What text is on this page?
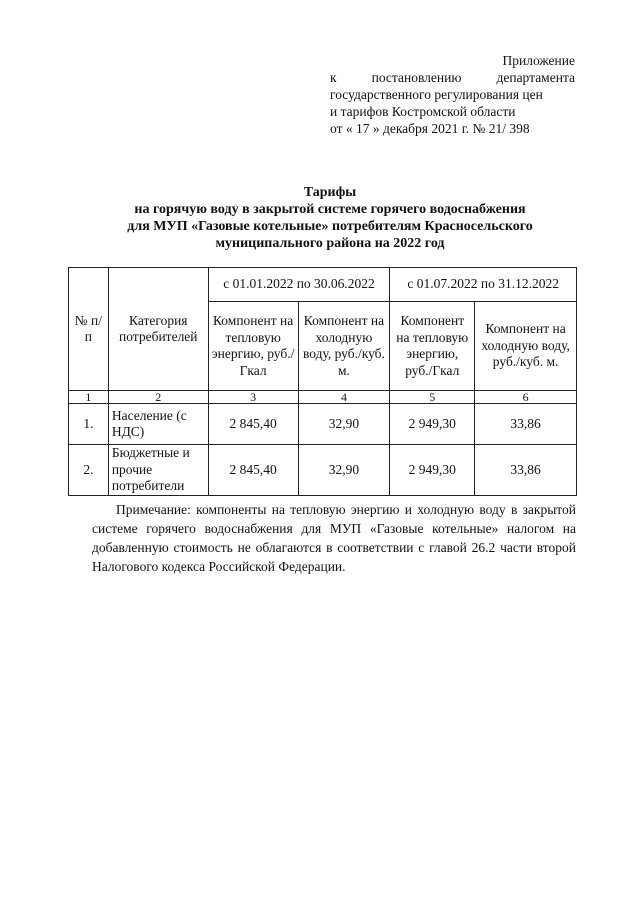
Приложение
к постановлению департамента
государственного регулирования цен
и тарифов Костромской области
от « 17 » декабря 2021 г. № 21/ 398
Тарифы
на горячую воду в закрытой системе горячего водоснабжения
для МУП «Газовые котельные» потребителям Красносельского
муниципального района на 2022 год
№ п/п	Категория потребителей	с 01.01.2022 по 30.06.2022		с 01.07.2022 по 31.12.2022	
		Компонент на тепловую энергию, руб./Гкал	Компонент на холодную воду, руб./куб. м.	Компонент на тепловую энергию, руб./Гкал	Компонент на холодную воду, руб./куб. м.
1	2	3	4	5	6
1.	Население (с НДС)	2 845,40	32,90	2 949,30	33,86
2.	Бюджетные и прочие потребители	2 845,40	32,90	2 949,30	33,86
Примечание: компоненты на тепловую энергию и холодную воду в закрытой системе горячего водоснабжения для МУП «Газовые котельные» налогом на добавленную стоимость не облагаются в соответствии с главой 26.2 части второй Налогового кодекса Российской Федерации.
